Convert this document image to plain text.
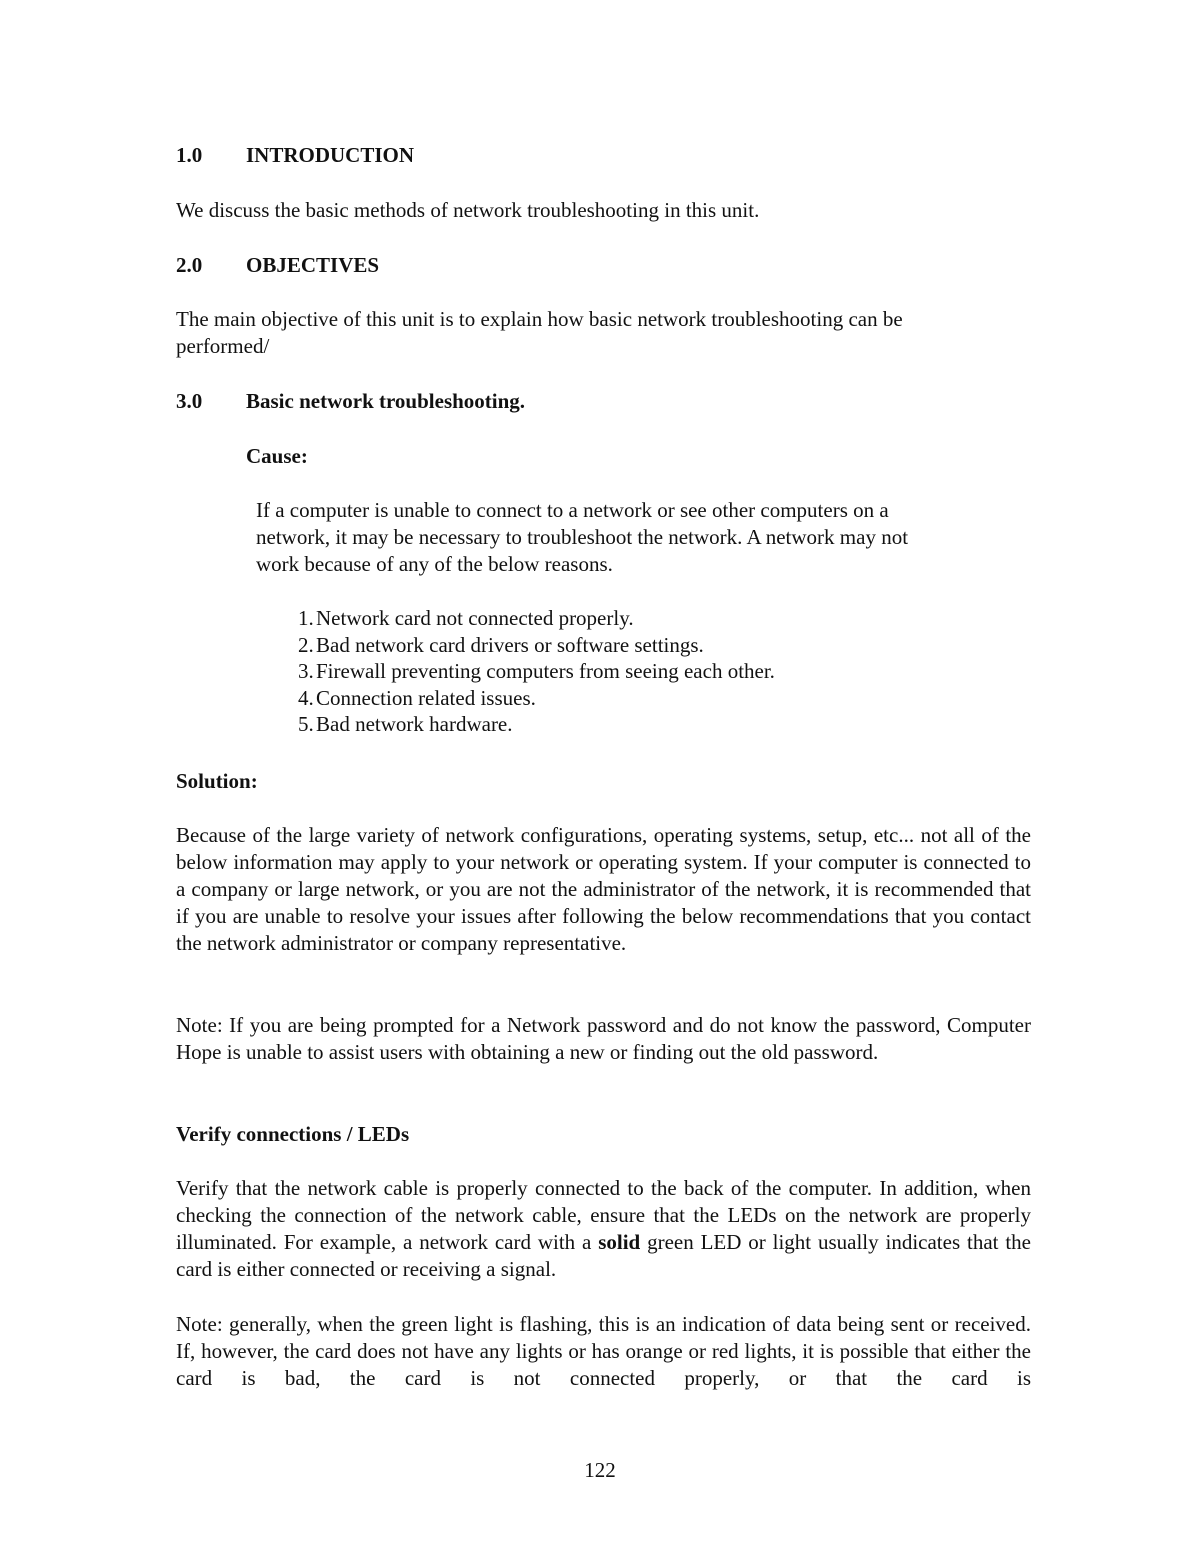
1.0 INTRODUCTION
We discuss the basic methods of network troubleshooting in this unit.
2.0 OBJECTIVES
The main objective of this unit is to explain how basic network troubleshooting can be
performed/
3.0 Basic network troubleshooting.
Cause:
If a computer is unable to connect to a network or see other computers on a
network, it may be necessary to troubleshoot the network. A network may not
work because of any of the below reasons.
1. Network card not connected properly.
2. Bad network card drivers or software settings.
3. Firewall preventing computers from seeing each other.
4. Connection related issues.
5. Bad network hardware.
Solution:
Because of the large variety of network configurations, operating systems, setup, etc... not all of the below information may apply to your network or operating system. If your computer is connected to a company or large network, or you are not the administrator of the network, it is recommended that if you are unable to resolve your issues after following the below recommendations that you contact the network administrator or company representative.
Note: If you are being prompted for a Network password and do not know the password, Computer Hope is unable to assist users with obtaining a new or finding out the old password.
Verify connections / LEDs
Verify that the network cable is properly connected to the back of the computer. In addition, when checking the connection of the network cable, ensure that the LEDs on the network are properly illuminated. For example, a network card with a solid green LED or light usually indicates that the card is either connected or receiving a signal.
Note: generally, when the green light is flashing, this is an indication of data being sent or received. If, however, the card does not have any lights or has orange or red lights, it is possible that either the card is bad, the card is not connected properly, or that the card is
122
